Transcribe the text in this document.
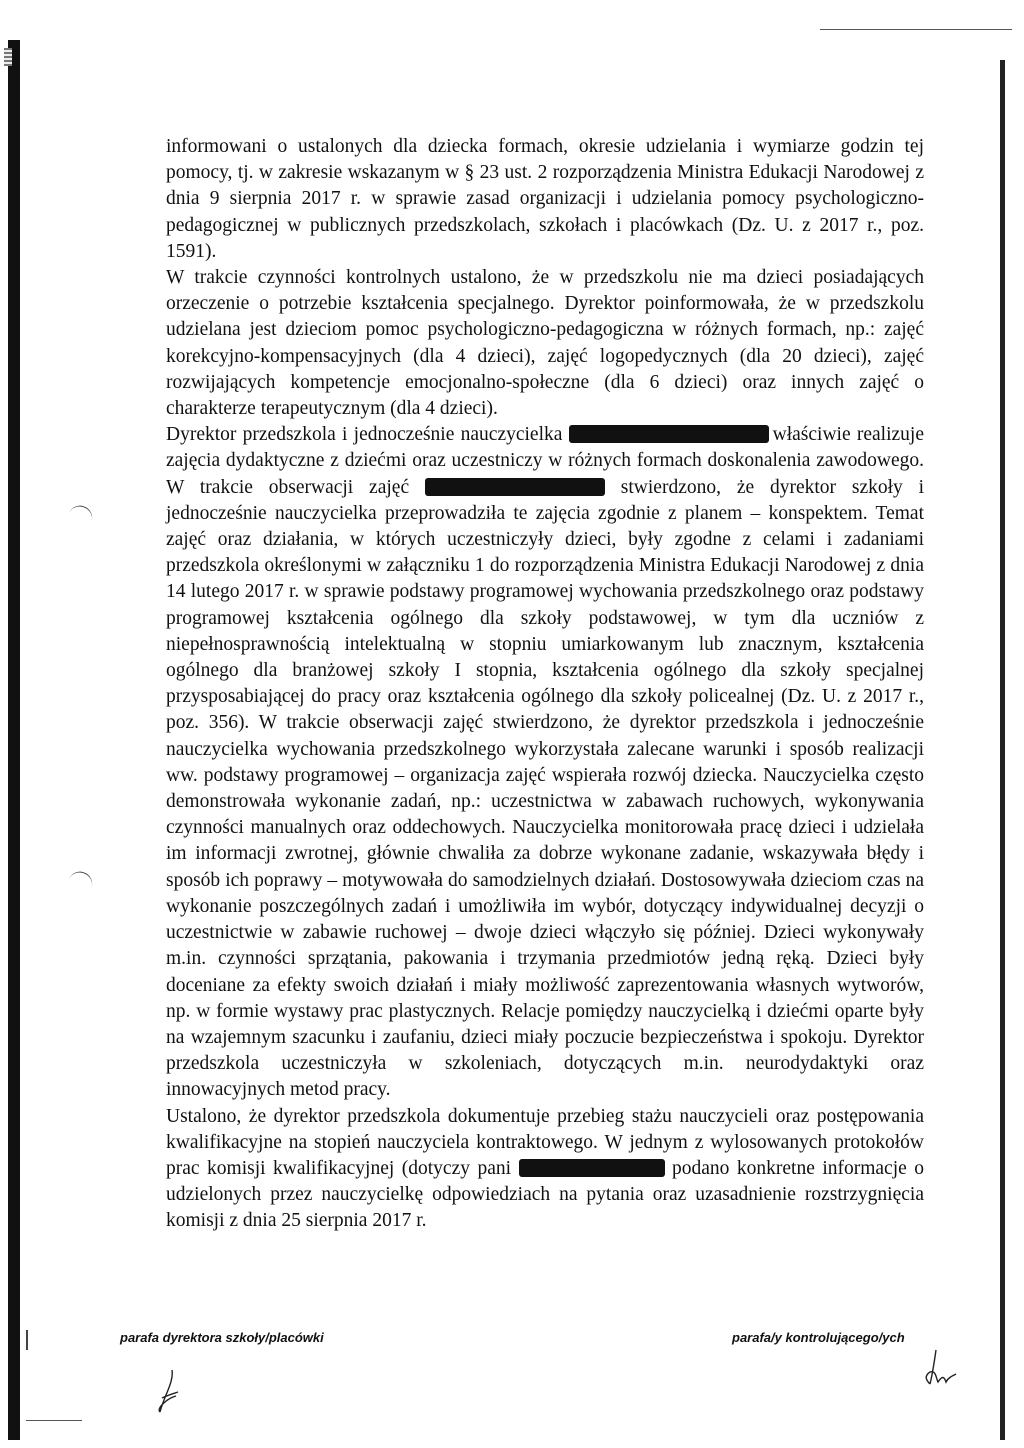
informowani o ustalonych dla dziecka formach, okresie udzielania i wymiarze godzin tej pomocy, tj. w zakresie wskazanym w § 23 ust. 2 rozporządzenia Ministra Edukacji Narodowej z dnia 9 sierpnia 2017 r. w sprawie zasad organizacji i udzielania pomocy psychologiczno-pedagogicznej w publicznych przedszkolach, szkołach i placówkach (Dz. U. z 2017 r., poz. 1591).

W trakcie czynności kontrolnych ustalono, że w przedszkolu nie ma dzieci posiadających orzeczenie o potrzebie kształcenia specjalnego. Dyrektor poinformowała, że w przedszkolu udzielana jest dzieciom pomoc psychologiczno-pedagogiczna w różnych formach, np.: zajęć korekcyjno-kompensacyjnych (dla 4 dzieci), zajęć logopedycznych (dla 20 dzieci), zajęć rozwijających kompetencje emocjonalno-społeczne (dla 6 dzieci) oraz innych zajęć o charakterze terapeutycznym (dla 4 dzieci).

Dyrektor przedszkola i jednocześnie nauczycielka	właściwie realizuje zajęcia dydaktyczne z dziećmi oraz uczestniczy w różnych formach doskonalenia zawodowego. W trakcie obserwacji zajęć	stwierdzono, że dyrektor szkoły i jednocześnie nauczycielka przeprowadziła te zajęcia zgodnie z planem – konspektem. Temat zajęć oraz działania, w których uczestniczyły dzieci, były zgodne z celami i zadaniami przedszkola określonymi w załączniku 1 do rozporządzenia Ministra Edukacji Narodowej z dnia 14 lutego 2017 r. w sprawie podstawy programowej wychowania przedszkolnego oraz podstawy programowej kształcenia ogólnego dla szkoły podstawowej, w tym dla uczniów z niepełnosprawnością intelektualną w stopniu umiarkowanym lub znacznym, kształcenia ogólnego dla branżowej szkoły I stopnia, kształcenia ogólnego dla szkoły specjalnej przysposabiającej do pracy oraz kształcenia ogólnego dla szkoły policealnej (Dz. U. z 2017 r., poz. 356). W trakcie obserwacji zajęć stwierdzono, że dyrektor przedszkola i jednocześnie nauczycielka wychowania przedszkolnego wykorzystała zalecane warunki i sposób realizacji ww. podstawy programowej – organizacja zajęć wspierała rozwój dziecka. Nauczycielka często demonstrowała wykonanie zadań, np.: uczestnictwa w zabawach ruchowych, wykonywania czynności manualnych oraz oddechowych. Nauczycielka monitorowała pracę dzieci i udzielała im informacji zwrotnej, głównie chwaliła za dobrze wykonane zadanie, wskazywała błędy i sposób ich poprawy – motywowała do samodzielnych działań. Dostosowywała dzieciom czas na wykonanie poszczególnych zadań i umożliwiła im wybór, dotyczący indywidualnej decyzji o uczestnictwie w zabawie ruchowej – dwoje dzieci włączyło się później. Dzieci wykonywały m.in. czynności sprzątania, pakowania i trzymania przedmiotów jedną ręką. Dzieci były doceniane za efekty swoich działań i miały możliwość zaprezentowania własnych wytworów, np. w formie wystawy prac plastycznych. Relacje pomiędzy nauczycielką i dziećmi oparte były na wzajemnym szacunku i zaufaniu, dzieci miały poczucie bezpieczeństwa i spokoju. Dyrektor przedszkola uczestniczyła w szkoleniach, dotyczących m.in. neurodydaktyki oraz innowacyjnych metod pracy.

Ustalono, że dyrektor przedszkola dokumentuje przebieg stażu nauczycieli oraz postępowania kwalifikacyjne na stopień nauczyciela kontraktowego. W jednym z wylosowanych protokołów prac komisji kwalifikacyjnej (dotyczy pani	podano konkretne informacje o udzielonych przez nauczycielkę odpowiedziach na pytania oraz uzasadnienie rozstrzygnięcia komisji z dnia 25 sierpnia 2017 r.

parafa dyrektora szkoły/placówki	parafa/y kontrolującego/ych
